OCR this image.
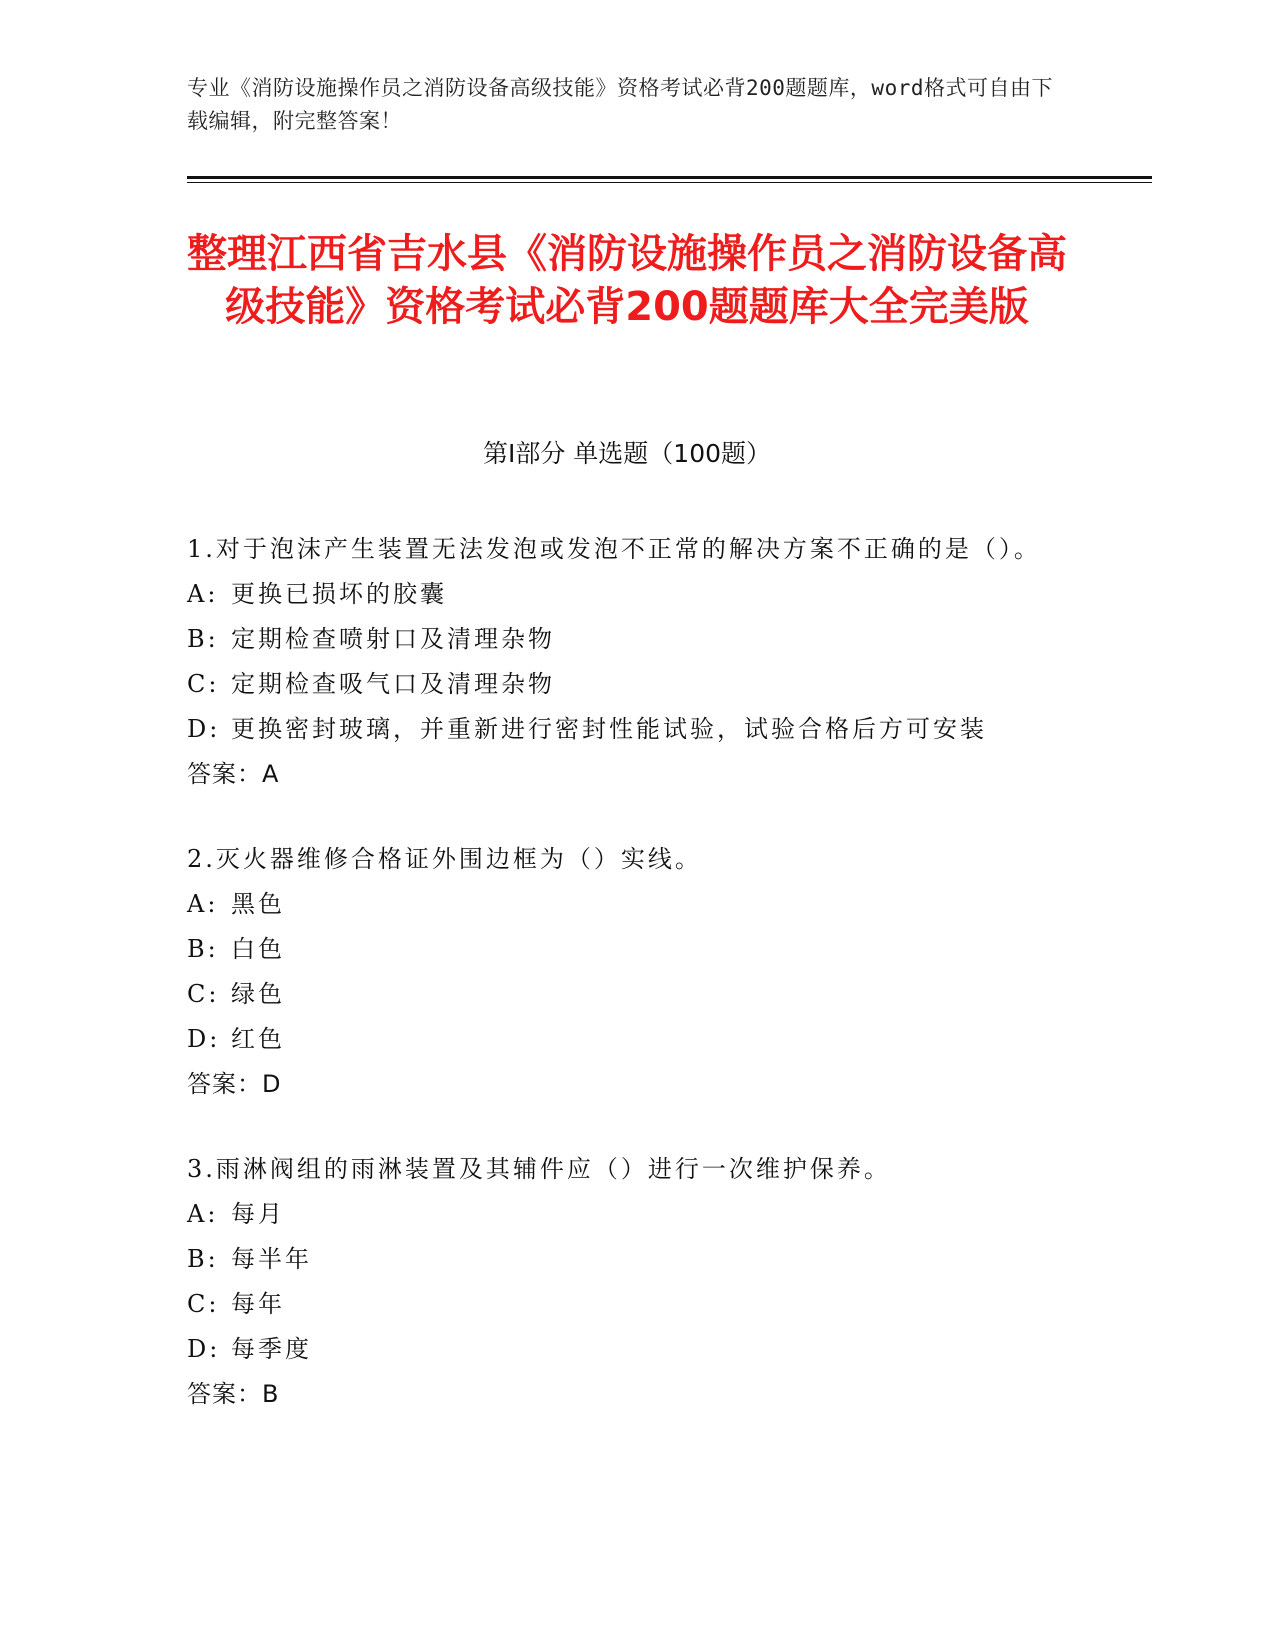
专业《消防设施操作员之消防设备高级技能》资格考试必背200题题库，word格式可自由下载编辑，附完整答案！
整理江西省吉水县《消防设施操作员之消防设备高级技能》资格考试必背200题题库大全完美版
第Ⅰ部分 单选题（100题）
1.对于泡沫产生装置无法发泡或发泡不正常的解决方案不正确的是（）。
A: 更换已损坏的胶囊
B: 定期检查喷射口及清理杂物
C: 定期检查吸气口及清理杂物
D: 更换密封玻璃，并重新进行密封性能试验，试验合格后方可安装
答案：A
2.灭火器维修合格证外围边框为（）实线。
A: 黑色
B: 白色
C: 绿色
D: 红色
答案：D
3.雨淋阀组的雨淋装置及其辅件应（）进行一次维护保养。
A: 每月
B: 每半年
C: 每年
D: 每季度
答案：B
